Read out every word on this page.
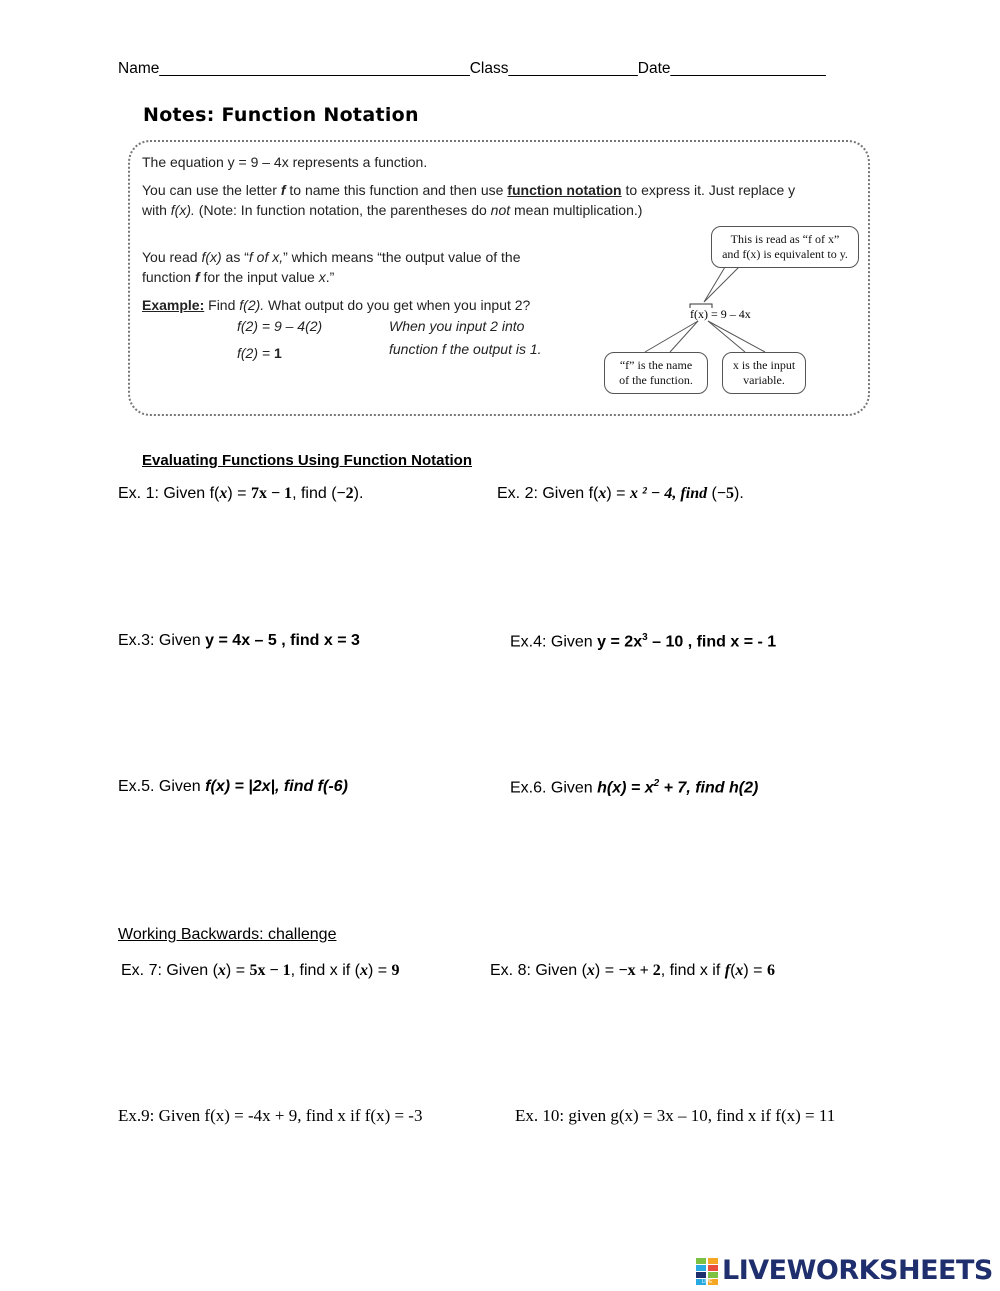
Name____________________________________Class_______________Date__________________
Notes: Function Notation
The equation y = 9 – 4x represents a function.
You can use the letter f to name this function and then use function notation to express it. Just replace y
with f(x). (Note: In function notation, the parentheses do not mean multiplication.)
You read f(x) as “f of x,” which means “the output value of the
function f for the input value x.”
Example: Find f(2). What output do you get when you input 2?
f(2) = 9 – 4(2)
f(2) = 1
When you input 2 into
function f the output is 1.
This is read as “f of x”
and f(x) is equivalent to y.
f(x) = 9 – 4x
“f” is the name
of the function.
x is the input
variable.
Evaluating Functions Using Function Notation
Ex. 1: Given f(x) = 7x − 1, find (−2).	Ex. 2: Given f(x) = x ² − 4, find (−5).
Ex.3: Given y = 4x – 5 , find x = 3	Ex.4: Given $y = 2x^3 - 10$ , find x = - 1
Ex.5. Given f(x) = |2x|, find f(-6)	Ex.6. Given $h(x) = x^2 + 7$, find h(2)
Working Backwards: challenge
Ex. 7: Given (x) = 5x − 1, find x if (x) = 9	Ex. 8: Given (x) = −x + 2, find x if f(x) = 6
Ex.9: Given f(x) = -4x + 9, find x if f(x) = -3	Ex. 10: given g(x) = 3x – 10, find x if f(x) = 11
LIVE LIVEWORKSHEETS
